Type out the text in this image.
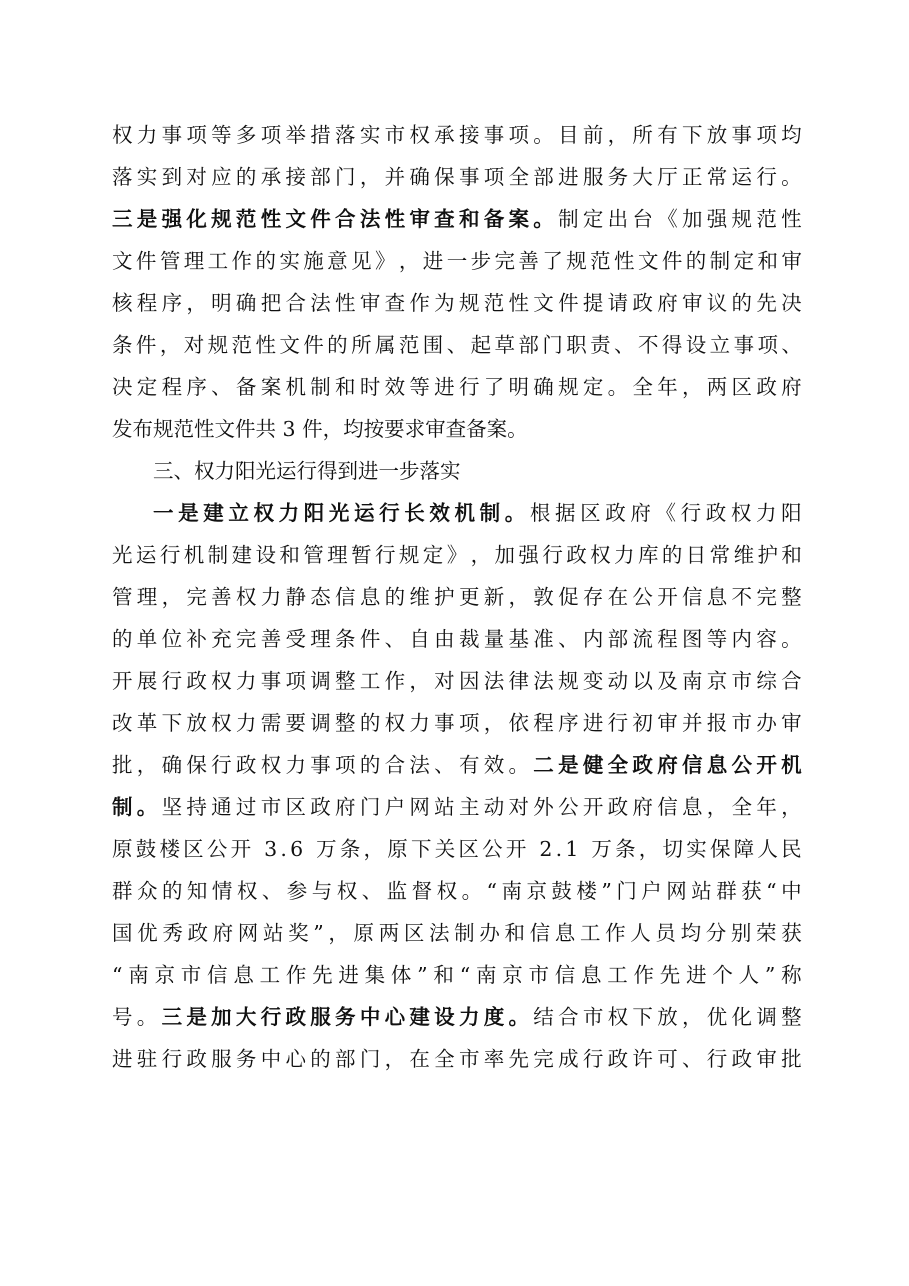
权 力 事 项 等 多 项 举 措 落 实 市 权 承 接 事 项 。 目 前 ， 所 有 下 放 事 项 均
落 实 到 对 应 的 承 接 部 门 ， 并 确 保 事 项 全 部 进 服 务 大 厅 正 常 运 行 。
三 是 强 化 规 范 性 文 件 合 法 性 审 查 和 备 案 。 制 定 出 台 《 加 强 规 范 性
文 件 管 理 工 作 的 实 施 意 见 》 ， 进 一 步 完 善 了 规 范 性 文 件 的 制 定 和 审
核 程 序 ， 明 确 把 合 法 性 审 查 作 为 规 范 性 文 件 提 请 政 府 审 议 的 先 决
条 件 ， 对 规 范 性 文 件 的 所 属 范 围 、 起 草 部 门 职 责 、 不 得 设 立 事 项 、
决 定 程 序 、 备 案 机 制 和 时 效 等 进 行 了 明 确 规 定 。 全 年 ， 两 区 政 府
发布规范性文件共 3 件，均按要求审查备案。
三、权力阳光运行得到进一步落实
一 是 建 立 权 力 阳 光 运 行 长 效 机 制 。 根 据 区 政 府 《 行 政 权 力 阳
光 运 行 机 制 建 设 和 管 理 暂 行 规 定 》 ， 加 强 行 政 权 力 库 的 日 常 维 护 和
管 理 ， 完 善 权 力 静 态 信 息 的 维 护 更 新 ， 敦 促 存 在 公 开 信 息 不 完 整
的 单 位 补 充 完 善 受 理 条 件 、 自 由 裁 量 基 准 、 内 部 流 程 图 等 内 容 。
开 展 行 政 权 力 事 项 调 整 工 作 ， 对 因 法 律 法 规 变 动 以 及 南 京 市 综 合
改 革 下 放 权 力 需 要 调 整 的 权 力 事 项 ， 依 程 序 进 行 初 审 并 报 市 办 审
批 ， 确 保 行 政 权 力 事 项 的 合 法 、 有 效 。 二 是 健 全 政 府 信 息 公 开 机
制 。 坚 持 通 过 市 区 政 府 门 户 网 站 主 动 对 外 公 开 政 府 信 息 ， 全 年 ，
原 鼓 楼 区 公 开
3 . 6
万 条 ， 原 下 关 区 公 开
2 . 1
万 条 ， 切 实 保 障 人 民
群 众 的 知 情 权 、 参 与 权 、 监 督 权 。 “ 南 京 鼓 楼 ” 门 户 网 站 群 获 “ 中
国 优 秀 政 府 网 站 奖 ” ， 原 两 区 法 制 办 和 信 息 工 作 人 员 均 分 别 荣 获
“ 南 京 市 信 息 工 作 先 进 集 体 ” 和 “ 南 京 市 信 息 工 作 先 进 个 人 ” 称
号 。 三 是 加 大 行 政 服 务 中 心 建 设 力 度 。 结 合 市 权 下 放 ， 优 化 调 整
进 驻 行 政 服 务 中 心 的 部 门 ， 在 全 市 率 先 完 成 行 政 许 可 、 行 政 审 批
